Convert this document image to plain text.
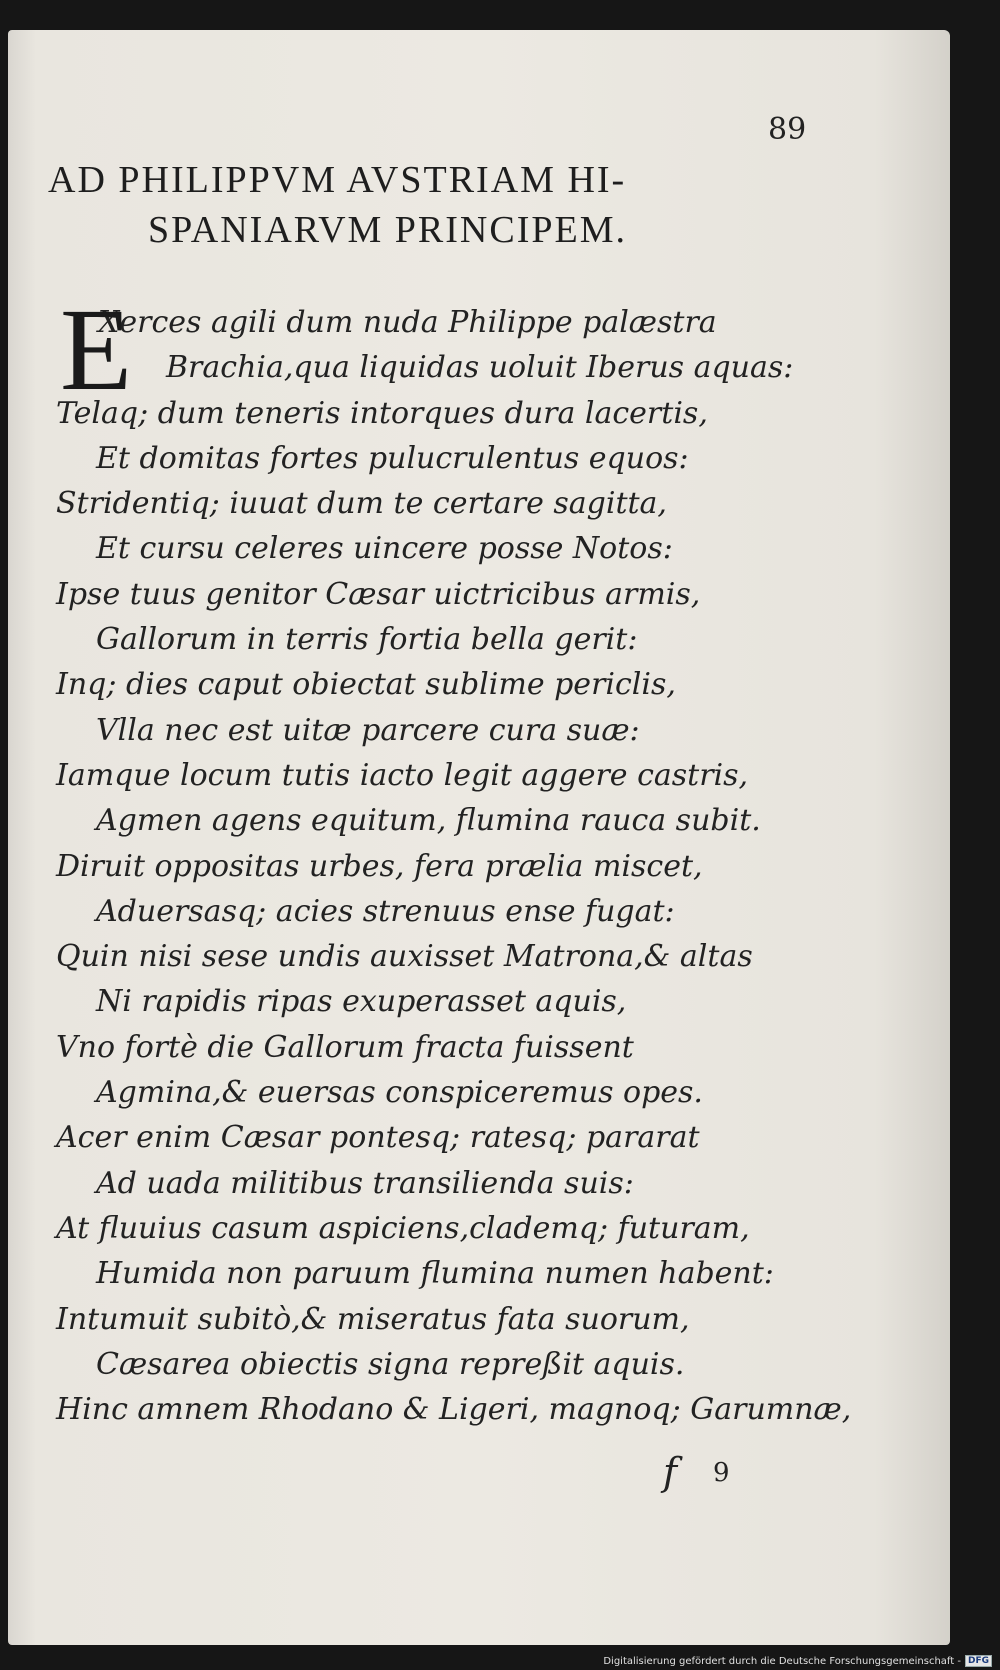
89
AD PHILIPPVM AVSTRIAM HI-
SPANIARVM PRINCIPEM.
E
Xerces agili dum nuda Philippe palæstra
Brachia,qua liquidas uoluit Iberus aquas:
Telaq; dum teneris intorques dura lacertis,
Et domitas fortes pulucrulentus equos:
Stridentiq; iuuat dum te certare sagitta,
Et cursu celeres uincere posse Notos:
Ipse tuus genitor Cæsar uictricibus armis,
Gallorum in terris fortia bella gerit:
Inq; dies caput obiectat sublime periclis,
Vlla nec est uitæ parcere cura suæ:
Iamque locum tutis iacto legit aggere castris,
Agmen agens equitum, flumina rauca subit.
Diruit oppositas urbes, fera prælia miscet,
Aduersasq; acies strenuus ense fugat:
Quin nisi sese undis auxisset Matrona,& altas
Ni rapidis ripas exuperasset aquis,
Vno fortè die Gallorum fracta fuissent
Agmina,& euersas conspiceremus opes.
Acer enim Cæsar pontesq; ratesq; pararat
Ad uada militibus transilienda suis:
At fluuius casum aspiciens,clademq; futuram,
Humida non paruum flumina numen habent:
Intumuit subitò,& miseratus fata suorum,
Cæsarea obiectis signa repreßit aquis.
Hinc amnem Rhodano & Ligeri, magnoq; Garumnæ,
f 9
Digitalisierung gefördert durch die Deutsche Forschungsgemeinschaft - DFG
